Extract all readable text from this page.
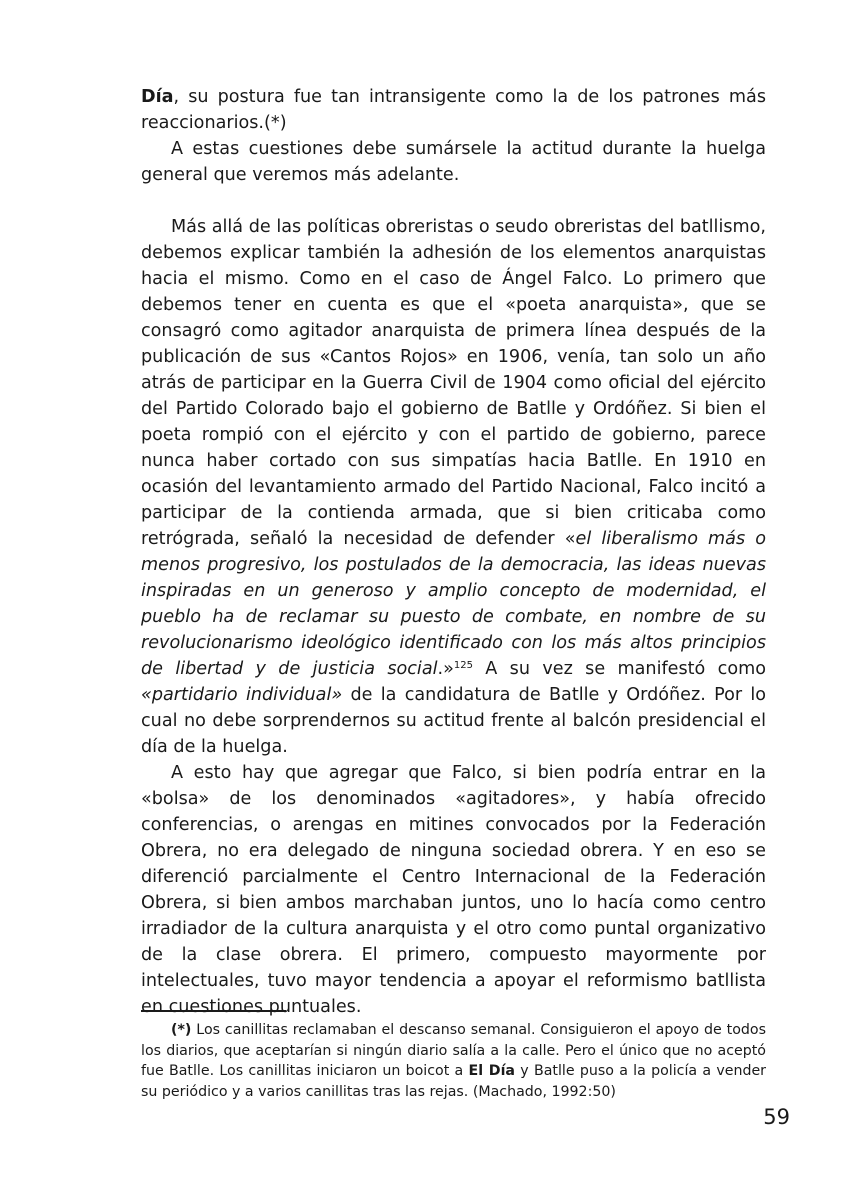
Día, su postura fue tan intransigente como la de los patrones más reaccionarios.(*)

A estas cuestiones debe sumársele la actitud durante la huelga general que veremos más adelante.

Más allá de las políticas obreristas o seudo obreristas del batllismo, debemos explicar también la adhesión de los elementos anarquistas hacia el mismo. Como en el caso de Ángel Falco. Lo primero que debemos tener en cuenta es que el «poeta anarquista», que se consagró como agitador anarquista de primera línea después de la publicación de sus «Cantos Rojos» en 1906, venía, tan solo un año atrás de participar en la Guerra Civil de 1904 como oficial del ejército del Partido Colorado bajo el gobierno de Batlle y Ordóñez. Si bien el poeta rompió con el ejército y con el partido de gobierno, parece nunca haber cortado con sus simpatías hacia Batlle. En 1910 en ocasión del levantamiento armado del Partido Nacional, Falco incitó a participar de la contienda armada, que si bien criticaba como retrógrada, señaló la necesidad de defender «el liberalismo más o menos progresivo, los postulados de la democracia, las ideas nuevas inspiradas en un generoso y amplio concepto de modernidad, el pueblo ha de reclamar su puesto de combate, en nombre de su revolucionarismo ideológico identificado con los más altos principios de libertad y de justicia social.»$^{125}$ A su vez se manifestó como «partidario individual» de la candidatura de Batlle y Ordóñez. Por lo cual no debe sorprendernos su actitud frente al balcón presidencial el día de la huelga.

A esto hay que agregar que Falco, si bien podría entrar en la «bolsa» de los denominados «agitadores», y había ofrecido conferencias, o arengas en mitines convocados por la Federación Obrera, no era delegado de ninguna sociedad obrera. Y en eso se diferenció parcialmente el Centro Internacional de la Federación Obrera, si bien ambos marchaban juntos, uno lo hacía como centro irradiador de la cultura anarquista y el otro como puntal organizativo de la clase obrera. El primero, compuesto mayormente por intelectuales, tuvo mayor tendencia a apoyar el reformismo batllista en cuestiones puntuales.

(*) Los canillitas reclamaban el descanso semanal. Consiguieron el apoyo de todos los diarios, que aceptarían si ningún diario salía a la calle. Pero el único que no aceptó fue Batlle. Los canillitas iniciaron un boicot a El Día y Batlle puso a la policía a vender su periódico y a varios canillitas tras las rejas. (Machado, 1992:50)

59
